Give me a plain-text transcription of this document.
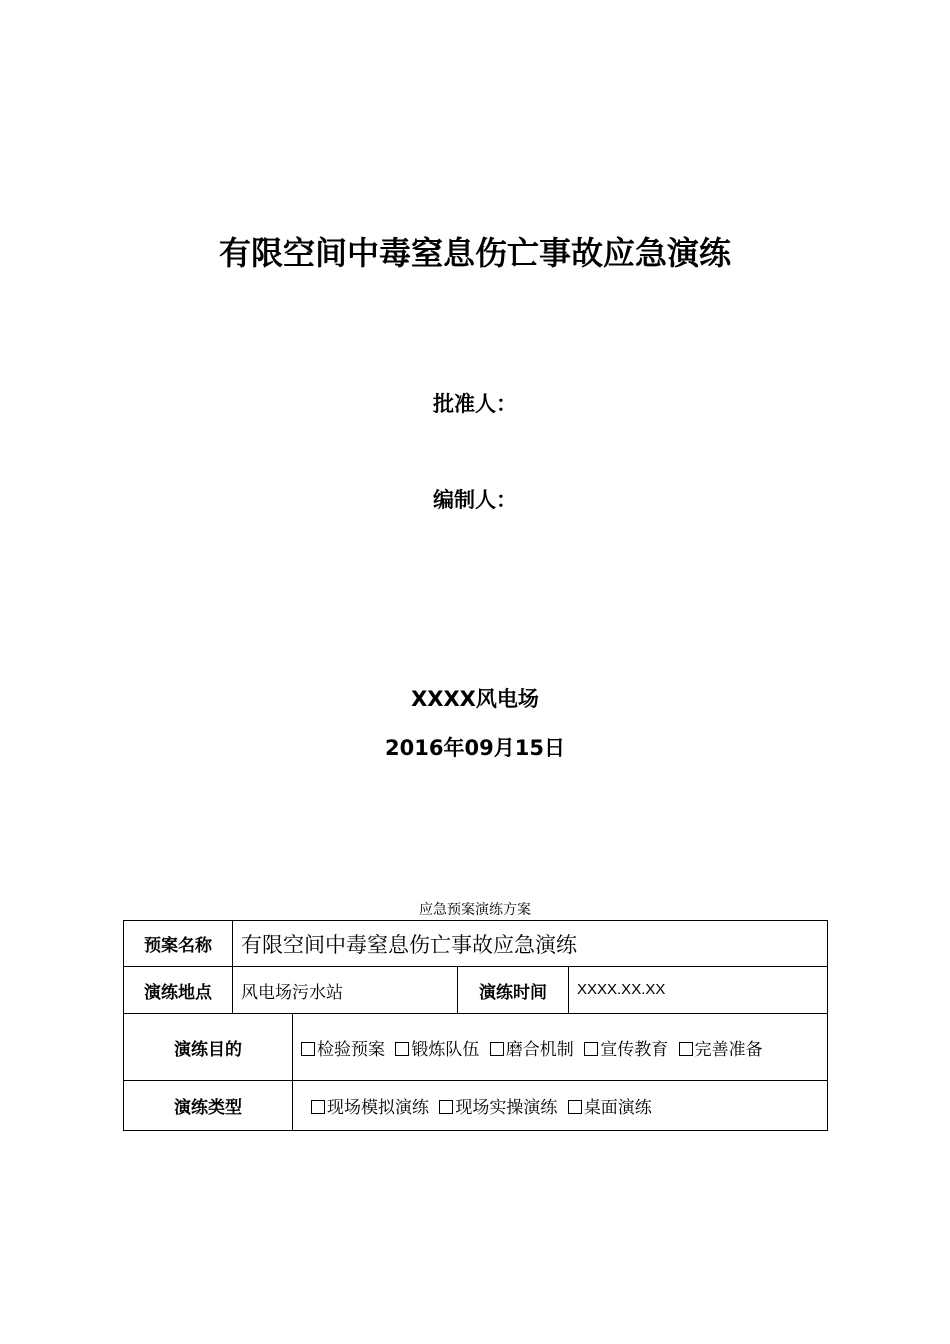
有限空间中毒窒息伤亡事故应急演练
批准人：
编制人：
XXXX风电场
2016年09月15日
应急预案演练方案
预案名称	有限空间中毒窒息伤亡事故应急演练			
演练地点	风电场污水站		演练时间	XXXX.XX.XX
演练目的		检验预案 锻炼队伍 磨合机制 宣传教育 完善准备		
演练类型		现场模拟演练 现场实操演练 桌面演练		
